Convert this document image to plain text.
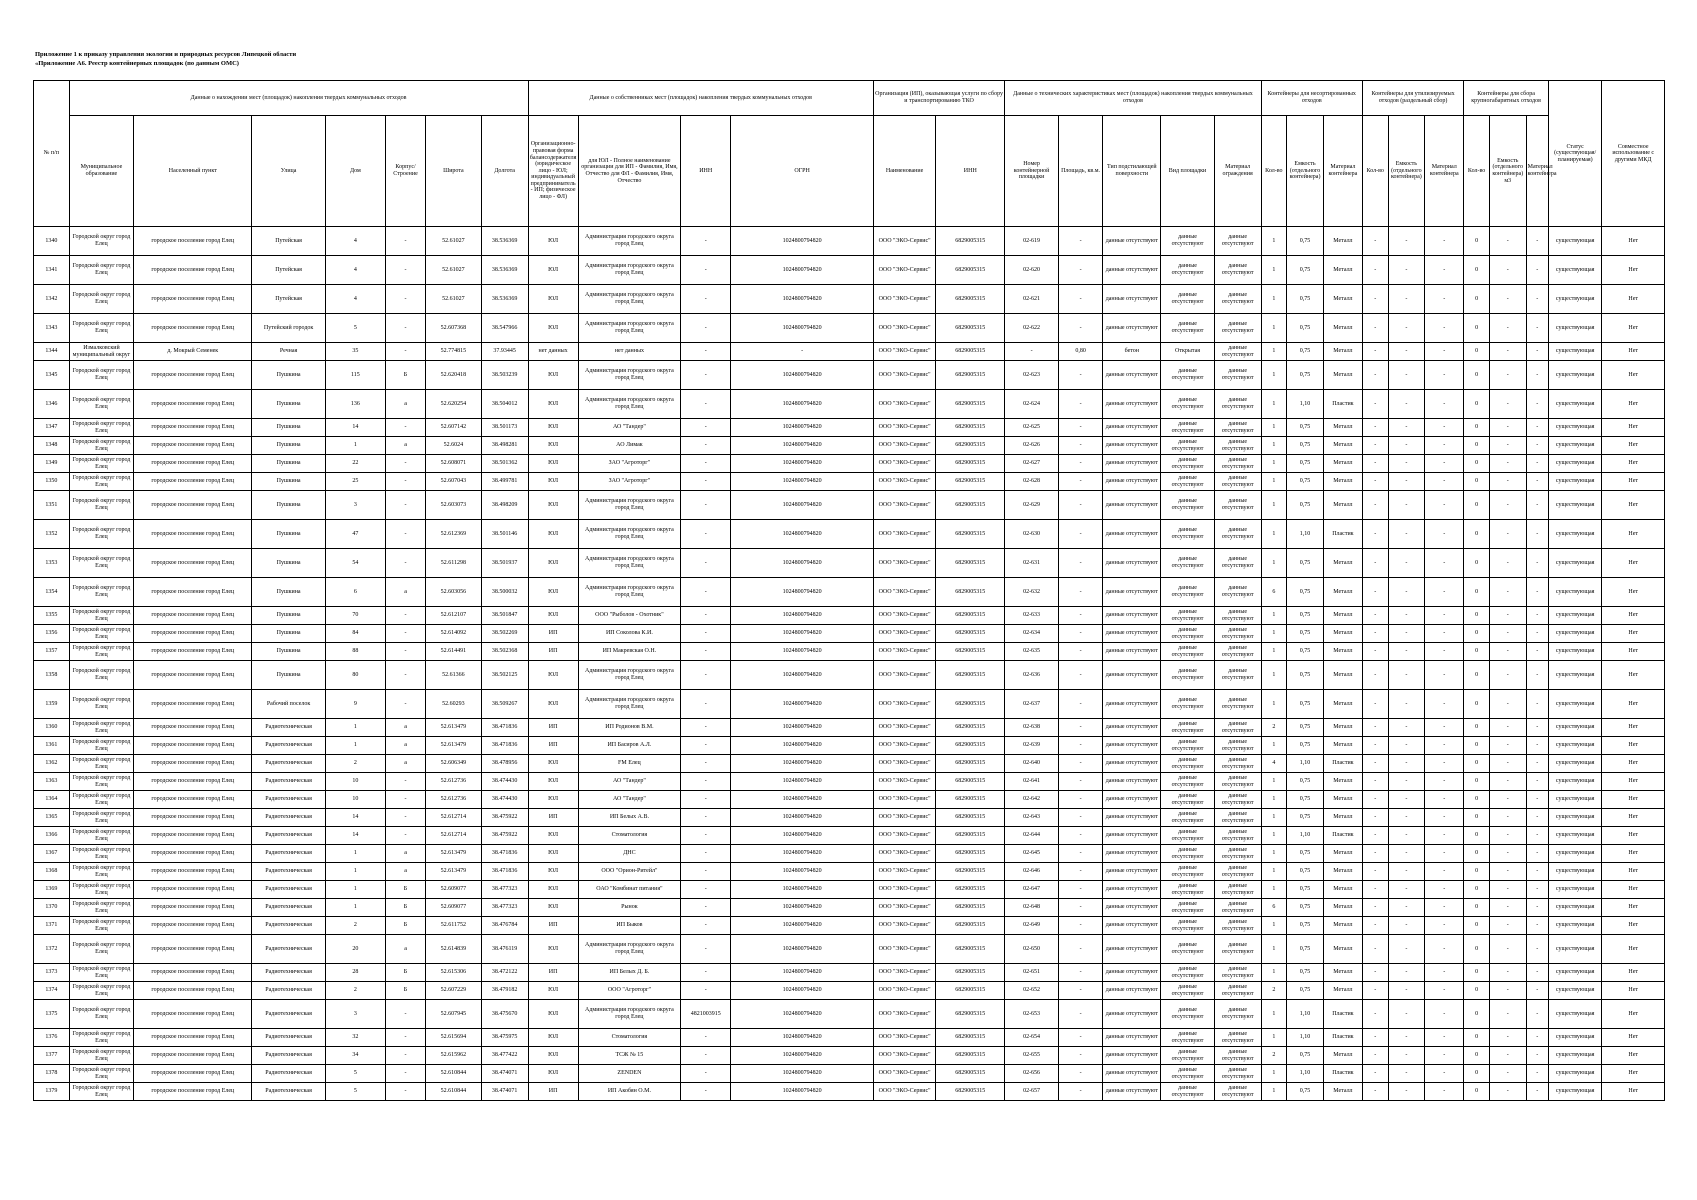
Приложение 1 к приказу управления экологии и природных ресурсов Липецкой области
«Приложение А6. Реестр контейнерных площадок (по данным ОМС)
№ п/п	Данные о нахождении мест (площадок) накопления твердых коммунальных отходов							Данные о собственниках мест (площадок) накопления твердых коммунальных отходов				Организация (ИП), оказывающая услуги по сбору и транспортированию ТКО		Данные о технических характеристиках мест (площадок) накопления твердых коммунальных отходов					Контейнеры для несортированных отходов			Контейнеры для утилизируемых отходов (раздельный сбор)			Контейнеры для сборa крупногабаритных отходов			Статус (существующая/планируемая)	Совместное использование с другими МКД
	Муниципальное образование	Населенный пункт	Улица	Дом	Корпус/Строение	Широта	Долгота	Организационно-правовая форма балансодержателя (юридическое лицо - ЮЛ; индивидуальный предприниматель - ИП; физическое лицо - ФЛ)	для ЮЛ - Полное наименование организации для ИП - Фамилия, Имя, Отчество для ФЛ - Фамилия, Имя, Отчество	ИНН	ОГРН	Наименование	ИНН	Номер контейнерной площадки	Площадь, кв.м.	Тип подстилающей поверхности	Вид площадки	Материал ограждения	Кол-во	Емкость (отдельного контейнера)	Материал контейнера	Кол-во	Емкость (отдельного контейнера)	Материал контейнера	Кол-во	Емкость (отдельного контейнера) м3	Материал контейнера		
1340	Городской округ город Елец	городское поселение город Елец	Путейская	4	-	52.61027	38.536369	ЮЛ	Администрация городского округа город Елец	-	1024800794820	ООО "ЭКО-Сервис"	6829005315	02-619	-	данные отсутствуют	данные отсутствуют	данные отсутствуют	1	0,75	Металл	-	-	-	0	-	-	существующая	Нет
1341	Городской округ город Елец	городское поселение город Елец	Путейская	4	-	52.61027	38.536369	ЮЛ	Администрация городского округа город Елец	-	1024800794820	ООО "ЭКО-Сервис"	6829005315	02-620	-	данные отсутствуют	данные отсутствуют	данные отсутствуют	1	0,75	Металл	-	-	-	0	-	-	существующая	Нет
1342	Городской округ город Елец	городское поселение город Елец	Путейская	4	-	52.61027	38.536369	ЮЛ	Администрация городского округа город Елец	-	1024800794820	ООО "ЭКО-Сервис"	6829005315	02-621	-	данные отсутствуют	данные отсутствуют	данные отсутствуют	1	0,75	Металл	-	-	-	0	-	-	существующая	Нет
1343	Городской округ город Елец	городское поселение город Елец	Путейский городок	5	-	52.607368	38.547966	ЮЛ	Администрация городского округа город Елец	-	1024800794820	ООО "ЭКО-Сервис"	6829005315	02-622	-	данные отсутствуют	данные отсутствуют	данные отсутствуют	1	0,75	Металл	-	-	-	0	-	-	существующая	Нет
1344	Измалковский муниципальный округ	д. Мокрый Семенек	Речная	35	-	52.774815	37.93445	нет данных	нет данных	-	-	ООО "ЭКО-Сервис"	6829005315	-	0,80	бетон	Открытая	данные отсутствуют	1	0,75	Металл	-	-	-	0	-	-	существующая	Нет
1345	Городской округ город Елец	городское поселение город Елец	Пушкина	115	Б	52.620418	38.503239	ЮЛ	Администрация городского округа город Елец	-	1024800794820	ООО "ЭКО-Сервис"	6829005315	02-623	-	данные отсутствуют	данные отсутствуют	данные отсутствуют	1	0,75	Металл	-	-	-	0	-	-	существующая	Нет
1346	Городской округ город Елец	городское поселение город Елец	Пушкина	136	а	52.620254	38.504012	ЮЛ	Администрация городского округа город Елец	-	1024800794820	ООО "ЭКО-Сервис"	6829005315	02-624	-	данные отсутствуют	данные отсутствуют	данные отсутствуют	1	1,10	Пластик	-	-	-	0	-	-	существующая	Нет
1347	Городской округ город Елец	городское поселение город Елец	Пушкина	14	-	52.607142	38.501173	ЮЛ	АО "Тандер"	-	1024800794820	ООО "ЭКО-Сервис"	6829005315	02-625	-	данные отсутствуют	данные отсутствуют	данные отсутствуют	1	0,75	Металл	-	-	-	0	-	-	существующая	Нет
1348	Городской округ город Елец	городское поселение город Елец	Пушкина	1	а	52.6024	38.498281	ЮЛ	АО Лимак	-	1024800794820	ООО "ЭКО-Сервис"	6829005315	02-626	-	данные отсутствуют	данные отсутствуют	данные отсутствуют	1	0,75	Металл	-	-	-	0	-	-	существующая	Нет
1349	Городской округ город Елец	городское поселение город Елец	Пушкина	22	-	52.608071	38.501362	ЮЛ	ЗАО "Агроторг"	-	1024800794820	ООО "ЭКО-Сервис"	6829005315	02-627	-	данные отсутствуют	данные отсутствуют	данные отсутствуют	1	0,75	Металл	-	-	-	0	-	-	существующая	Нет
1350	Городской округ город Елец	городское поселение город Елец	Пушкина	25	-	52.607043	38.499781	ЮЛ	ЗАО "Агроторг"	-	1024800794820	ООО "ЭКО-Сервис"	6829005315	02-628	-	данные отсутствуют	данные отсутствуют	данные отсутствуют	1	0,75	Металл	-	-	-	0	-	-	существующая	Нет
1351	Городской округ город Елец	городское поселение город Елец	Пушкина	3	-	52.603073	38.498209	ЮЛ	Администрация городского округа город Елец	-	1024800794820	ООО "ЭКО-Сервис"	6829005315	02-629	-	данные отсутствуют	данные отсутствуют	данные отсутствуют	1	0,75	Металл	-	-	-	0	-	-	существующая	Нет
1352	Городской округ город Елец	городское поселение город Елец	Пушкина	47	-	52.612369	38.501146	ЮЛ	Администрация городского округа город Елец	-	1024800794820	ООО "ЭКО-Сервис"	6829005315	02-630	-	данные отсутствуют	данные отсутствуют	данные отсутствуют	1	1,10	Пластик	-	-	-	0	-	-	существующая	Нет
1353	Городской округ город Елец	городское поселение город Елец	Пушкина	54	-	52.611298	38.501937	ЮЛ	Администрация городского округа город Елец	-	1024800794820	ООО "ЭКО-Сервис"	6829005315	02-631	-	данные отсутствуют	данные отсутствуют	данные отсутствуют	1	0,75	Металл	-	-	-	0	-	-	существующая	Нет
1354	Городской округ город Елец	городское поселение город Елец	Пушкина	6	а	52.603056	38.500032	ЮЛ	Администрация городского округа город Елец	-	1024800794820	ООО "ЭКО-Сервис"	6829005315	02-632	-	данные отсутствуют	данные отсутствуют	данные отсутствуют	6	0,75	Металл	-	-	-	0	-	-	существующая	Нет
1355	Городской округ город Елец	городское поселение город Елец	Пушкина	70	-	52.612107	38.501847	ЮЛ	ООО "Рыболов - Охотник"	-	1024800794820	ООО "ЭКО-Сервис"	6829005315	02-633	-	данные отсутствуют	данные отсутствуют	данные отсутствуют	1	0,75	Металл	-	-	-	0	-	-	существующая	Нет
1356	Городской округ город Елец	городское поселение город Елец	Пушкина	84	-	52.614092	38.502269	ИП	ИП Соколова К.И.	-	1024800794820	ООО "ЭКО-Сервис"	6829005315	02-634	-	данные отсутствуют	данные отсутствуют	данные отсутствуют	1	0,75	Металл	-	-	-	0	-	-	существующая	Нет
1357	Городской округ город Елец	городское поселение город Елец	Пушкина	88	-	52.614491	38.502368	ИП	ИП Макревская О.Н.	-	1024800794820	ООО "ЭКО-Сервис"	6829005315	02-635	-	данные отсутствуют	данные отсутствуют	данные отсутствуют	1	0,75	Металл	-	-	-	0	-	-	существующая	Нет
1358	Городской округ город Елец	городское поселение город Елец	Пушкина	80	-	52.61366	38.502125	ЮЛ	Администрация городского округа город Елец	-	1024800794820	ООО "ЭКО-Сервис"	6829005315	02-636	-	данные отсутствуют	данные отсутствуют	данные отсутствуют	1	0,75	Металл	-	-	-	0	-	-	существующая	Нет
1359	Городской округ город Елец	городское поселение город Елец	Рабочий поселок	9	-	52.60293	38.509267	ЮЛ	Администрация городского округа город Елец	-	1024800794820	ООО "ЭКО-Сервис"	6829005315	02-637	-	данные отсутствуют	данные отсутствуют	данные отсутствуют	1	0,75	Металл	-	-	-	0	-	-	существующая	Нет
1360	Городской округ город Елец	городское поселение город Елец	Радиотехническая	1	а	52.613479	38.471836	ИП	ИП Родионов В.М.	-	1024800794820	ООО "ЭКО-Сервис"	6829005315	02-638	-	данные отсутствуют	данные отсутствуют	данные отсутствуют	2	0,75	Металл	-	-	-	0	-	-	существующая	Нет
1361	Городской округ город Елец	городское поселение город Елец	Радиотехническая	1	а	52.613479	38.471836	ИП	ИП Басиров А.Л.	-	1024800794820	ООО "ЭКО-Сервис"	6829005315	02-639	-	данные отсутствуют	данные отсутствуют	данные отсутствуют	1	0,75	Металл	-	-	-	0	-	-	существующая	Нет
1362	Городской округ город Елец	городское поселение город Елец	Радиотехническая	2	а	52.606349	38.478956	ЮЛ	FM Елец	-	1024800794820	ООО "ЭКО-Сервис"	6829005315	02-640	-	данные отсутствуют	данные отсутствуют	данные отсутствуют	4	1,10	Пластик	-	-	-	0	-	-	существующая	Нет
1363	Городской округ город Елец	городское поселение город Елец	Радиотехническая	10	-	52.612736	38.474430	ЮЛ	АО "Тандер"	-	1024800794820	ООО "ЭКО-Сервис"	6829005315	02-641	-	данные отсутствуют	данные отсутствуют	данные отсутствуют	1	0,75	Металл	-	-	-	0	-	-	существующая	Нет
1364	Городской округ город Елец	городское поселение город Елец	Радиотехническая	10	-	52.612736	38.474430	ЮЛ	АО "Тандер"	-	1024800794820	ООО "ЭКО-Сервис"	6829005315	02-642	-	данные отсутствуют	данные отсутствуют	данные отсутствуют	1	0,75	Металл	-	-	-	0	-	-	существующая	Нет
1365	Городской округ город Елец	городское поселение город Елец	Радиотехническая	14	-	52.612714	38.475922	ИП	ИП Белых А.В.	-	1024800794820	ООО "ЭКО-Сервис"	6829005315	02-643	-	данные отсутствуют	данные отсутствуют	данные отсутствуют	1	0,75	Металл	-	-	-	0	-	-	существующая	Нет
1366	Городской округ город Елец	городское поселение город Елец	Радиотехническая	14	-	52.612714	38.475922	ЮЛ	Стоматология	-	1024800794820	ООО "ЭКО-Сервис"	6829005315	02-644	-	данные отсутствуют	данные отсутствуют	данные отсутствуют	1	1,10	Пластик	-	-	-	0	-	-	существующая	Нет
1367	Городской округ город Елец	городское поселение город Елец	Радиотехническая	1	а	52.613479	38.471836	ЮЛ	ДНС	-	1024800794820	ООО "ЭКО-Сервис"	6829005315	02-645	-	данные отсутствуют	данные отсутствуют	данные отсутствуют	1	0,75	Металл	-	-	-	0	-	-	существующая	Нет
1368	Городской округ город Елец	городское поселение город Елец	Радиотехническая	1	а	52.613479	38.471836	ЮЛ	ООО "Орион-Ритейл"	-	1024800794820	ООО "ЭКО-Сервис"	6829005315	02-646	-	данные отсутствуют	данные отсутствуют	данные отсутствуют	1	0,75	Металл	-	-	-	0	-	-	существующая	Нет
1369	Городской округ город Елец	городское поселение город Елец	Радиотехническая	1	Б	52.609077	38.477323	ЮЛ	ОАО "Комбинат питания"	-	1024800794820	ООО "ЭКО-Сервис"	6829005315	02-647	-	данные отсутствуют	данные отсутствуют	данные отсутствуют	1	0,75	Металл	-	-	-	0	-	-	существующая	Нет
1370	Городской округ город Елец	городское поселение город Елец	Радиотехническая	1	Б	52.609077	38.477323	ЮЛ	Рынок	-	1024800794820	ООО "ЭКО-Сервис"	6829005315	02-648	-	данные отсутствуют	данные отсутствуют	данные отсутствуют	6	0,75	Металл	-	-	-	0	-	-	существующая	Нет
1371	Городской округ город Елец	городское поселение город Елец	Радиотехническая	2	Б	52.611752	38.476784	ИП	ИП Быков	-	1024800794820	ООО "ЭКО-Сервис"	6829005315	02-649	-	данные отсутствуют	данные отсутствуют	данные отсутствуют	1	0,75	Металл	-	-	-	0	-	-	существующая	Нет
1372	Городской округ город Елец	городское поселение город Елец	Радиотехническая	20	а	52.614839	38.476119	ЮЛ	Администрация городского округа город Елец	-	1024800794820	ООО "ЭКО-Сервис"	6829005315	02-650	-	данные отсутствуют	данные отсутствуют	данные отсутствуют	1	0,75	Металл	-	-	-	0	-	-	существующая	Нет
1373	Городской округ город Елец	городское поселение город Елец	Радиотехническая	28	Б	52.615306	38.472122	ИП	ИП Белых Д. Б.	-	1024800794820	ООО "ЭКО-Сервис"	6829005315	02-651	-	данные отсутствуют	данные отсутствуют	данные отсутствуют	1	0,75	Металл	-	-	-	0	-	-	существующая	Нет
1374	Городской округ город Елец	городское поселение город Елец	Радиотехническая	2	Б	52.607229	38.479182	ЮЛ	ООО "Агроторг"	-	1024800794820	ООО "ЭКО-Сервис"	6829005315	02-652	-	данные отсутствуют	данные отсутствуют	данные отсутствуют	2	0,75	Металл	-	-	-	0	-	-	существующая	Нет
1375	Городской округ город Елец	городское поселение город Елец	Радиотехническая	3	-	52.607945	38.475670	ЮЛ	Администрация городского округа город Елец	4821003915	1024800794820	ООО "ЭКО-Сервис"	6829005315	02-653	-	данные отсутствуют	данные отсутствуют	данные отсутствуют	1	1,10	Пластик	-	-	-	0	-	-	существующая	Нет
1376	Городской округ город Елец	городское поселение город Елец	Радиотехническая	32	-	52.615694	38.475975	ЮЛ	Стоматология	-	1024800794820	ООО "ЭКО-Сервис"	6829005315	02-654	-	данные отсутствуют	данные отсутствуют	данные отсутствуют	1	1,10	Пластик	-	-	-	0	-	-	существующая	Нет
1377	Городской округ город Елец	городское поселение город Елец	Радиотехническая	34	-	52.615962	38.477422	ЮЛ	ТСЖ № 15	-	1024800794820	ООО "ЭКО-Сервис"	6829005315	02-655	-	данные отсутствуют	данные отсутствуют	данные отсутствуют	2	0,75	Металл	-	-	-	0	-	-	существующая	Нет
1378	Городской округ город Елец	городское поселение город Елец	Радиотехническая	5	-	52.610844	38.474071	ЮЛ	ZENDEN	-	1024800794820	ООО "ЭКО-Сервис"	6829005315	02-656	-	данные отсутствуют	данные отсутствуют	данные отсутствуют	1	1,10	Пластик	-	-	-	0	-	-	существующая	Нет
1379	Городской округ город Елец	городское поселение город Елец	Радиотехническая	5	-	52.610844	38.474071	ИП	ИП Акобян О.М.	-	1024800794820	ООО "ЭКО-Сервис"	6829005315	02-657	-	данные отсутствуют	данные отсутствуют	данные отсутствуют	1	0,75	Металл	-	-	-	0	-	-	существующая	Нет
